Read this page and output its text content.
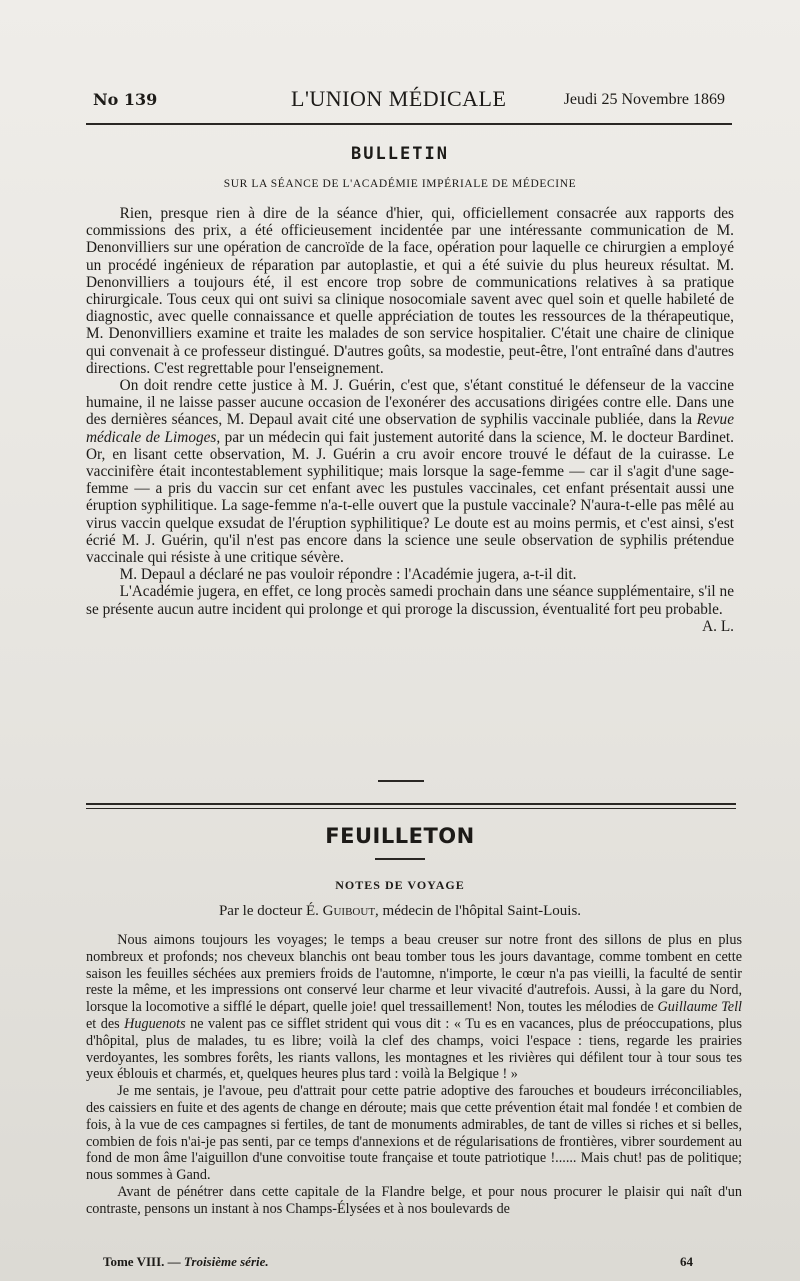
No 139	L'UNION MÉDICALE	Jeudi 25 Novembre 1869
BULLETIN
SUR LA SÉANCE DE L'ACADÉMIE IMPÉRIALE DE MÉDECINE

Rien, presque rien à dire de la séance d'hier, qui, officiellement consacrée aux rapports des commissions des prix, a été officieusement incidentée par une intéressante communication de M. Denonvilliers sur une opération de cancroïde de la face, opération pour laquelle ce chirurgien a employé un procédé ingénieux de réparation par autoplastie, et qui a été suivie du plus heureux résultat. M. Denonvilliers a toujours été, il est encore trop sobre de communications relatives à sa pratique chirurgicale. Tous ceux qui ont suivi sa clinique nosocomiale savent avec quel soin et quelle habileté de diagnostic, avec quelle connaissance et quelle appréciation de toutes les ressources de la thérapeutique, M. Denonvilliers examine et traite les malades de son service hospitalier. C'était une chaire de clinique qui convenait à ce professeur distingué. D'autres goûts, sa modestie, peut-être, l'ont entraîné dans d'autres directions. C'est regrettable pour l'enseignement.

On doit rendre cette justice à M. J. Guérin, c'est que, s'étant constitué le défenseur de la vaccine humaine, il ne laisse passer aucune occasion de l'exonérer des accusations dirigées contre elle. Dans une des dernières séances, M. Depaul avait cité une observation de syphilis vaccinale publiée, dans la Revue médicale de Limoges, par un médecin qui fait justement autorité dans la science, M. le docteur Bardinet. Or, en lisant cette observation, M. J. Guérin a cru avoir encore trouvé le défaut de la cuirasse. Le vaccinifère était incontestablement syphilitique; mais lorsque la sage-femme — car il s'agit d'une sage-femme — a pris du vaccin sur cet enfant avec les pustules vaccinales, cet enfant présentait aussi une éruption syphilitique. La sage-femme n'a-t-elle ouvert que la pustule vaccinale? N'aura-t-elle pas mêlé au virus vaccin quelque exsudat de l'éruption syphilitique? Le doute est au moins permis, et c'est ainsi, s'est écrié M. J. Guérin, qu'il n'est pas encore dans la science une seule observation de syphilis prétendue vaccinale qui résiste à une critique sévère.

M. Depaul a déclaré ne pas vouloir répondre : l'Académie jugera, a-t-il dit.

L'Académie jugera, en effet, ce long procès samedi prochain dans une séance supplémentaire, s'il ne se présente aucun autre incident qui prolonge et qui proroge la discussion, éventualité fort peu probable.
A. L.

FEUILLETON
NOTES DE VOYAGE
Par le docteur É. Guibout, médecin de l'hôpital Saint-Louis.

Nous aimons toujours les voyages; le temps a beau creuser sur notre front des sillons de plus en plus nombreux et profonds; nos cheveux blanchis ont beau tomber tous les jours davantage, comme tombent en cette saison les feuilles séchées aux premiers froids de l'automne, n'importe, le cœur n'a pas vieilli, la faculté de sentir reste la même, et les impressions ont conservé leur charme et leur vivacité d'autrefois. Aussi, à la gare du Nord, lorsque la locomotive a sifflé le départ, quelle joie! quel tressaillement! Non, toutes les mélodies de Guillaume Tell et des Huguenots ne valent pas ce sifflet strident qui vous dit : « Tu es en vacances, plus de préoccupations, plus d'hôpital, plus de malades, tu es libre; voilà la clef des champs, voici l'espace : tiens, regarde les prairies verdoyantes, les sombres forêts, les riants vallons, les montagnes et les rivières qui défilent tour à tour sous tes yeux éblouis et charmés, et, quelques heures plus tard : voilà la Belgique ! »

Je me sentais, je l'avoue, peu d'attrait pour cette patrie adoptive des farouches et boudeurs irréconciliables, des caissiers en fuite et des agents de change en déroute; mais que cette prévention était mal fondée ! et combien de fois, à la vue de ces campagnes si fertiles, de tant de monuments admirables, de tant de villes si riches et si belles, combien de fois n'ai-je pas senti, par ce temps d'annexions et de régularisations de frontières, vibrer sourdement au fond de mon âme l'aiguillon d'une convoitise toute française et toute patriotique !...... Mais chut! pas de politique; nous sommes à Gand.

Avant de pénétrer dans cette capitale de la Flandre belge, et pour nous procurer le plaisir qui naît d'un contraste, pensons un instant à nos Champs-Élysées et à nos boulevards de

Tome VIII. — Troisième série.	64
